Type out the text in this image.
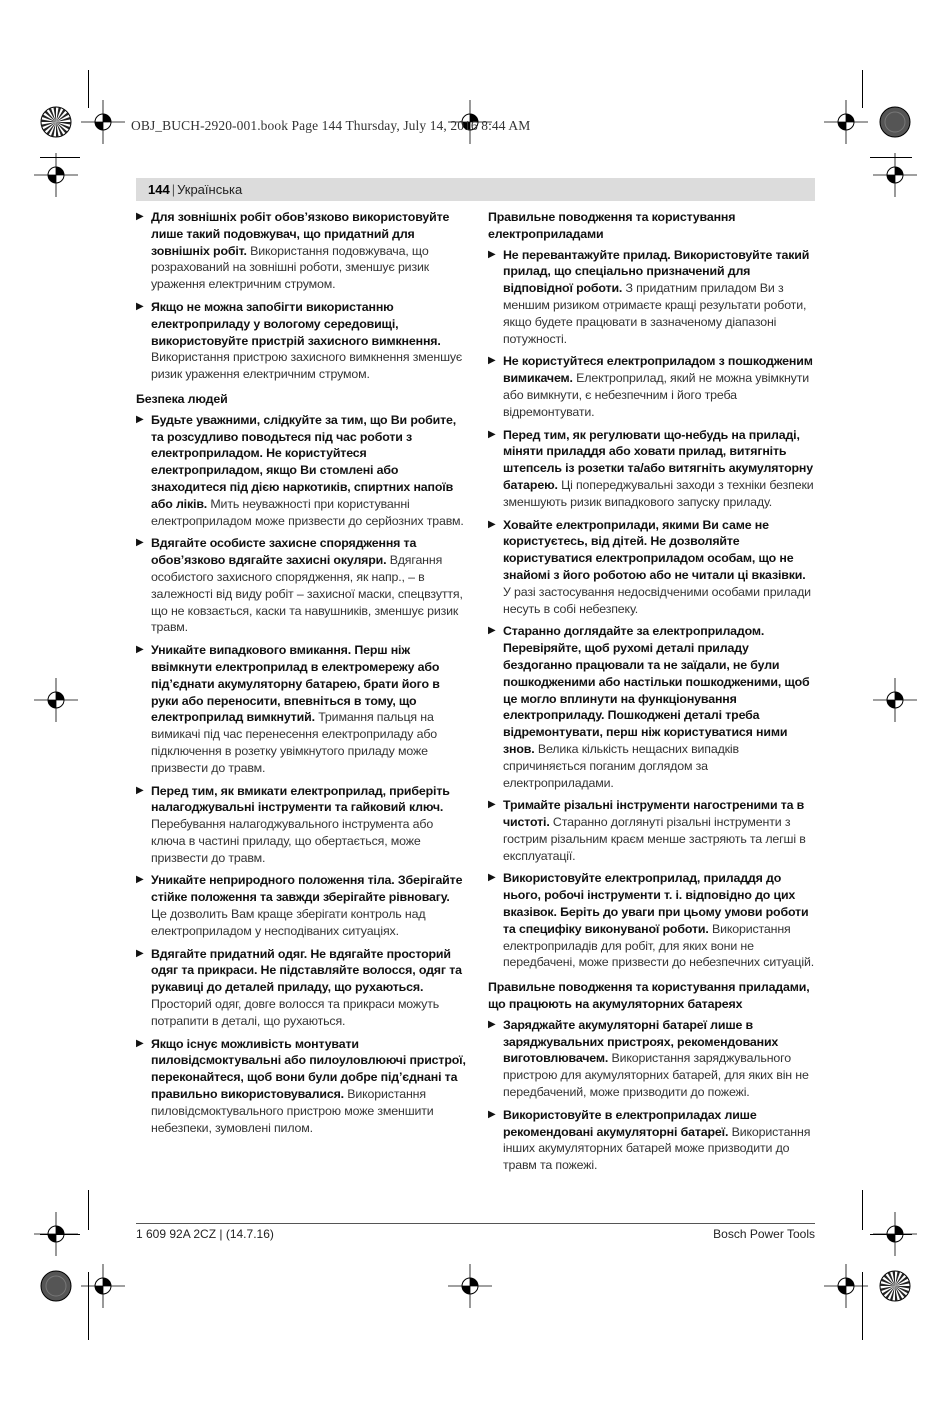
OBJ_BUCH-2920-001.book Page 144 Thursday, July 14, 2016 8:44 AM
144 | Українська
▶ Для зовнішніх робіт обов’язково використовуйте лише такий подовжувач, що придатний для зовнішніх робіт. Використання подовжувача, що розрахований на зовнішні роботи, зменшує ризик ураження електричним струмом.
▶ Якщо не можна запобігти використанню електроприладу у вологому середовищі, використовуйте пристрій захисного вимкнення. Використання пристрою захисного вимкнення зменшує ризик ураження електричним струмом.
Безпека людей
▶ Будьте уважними, слідкуйте за тим, що Ви робите, та розсудливо поводьтеся під час роботи з електроприладом. Не користуйтеся електроприладом, якщо Ви стомлені або знаходитеся під дією наркотиків, спиртних напоїв або ліків. Мить неуважності при користуванні електроприладом може призвести до серйозних травм.
▶ Вдягайте особисте захисне спорядження та обов’язково вдягайте захисні окуляри. Вдягання особистого захисного спорядження, як напр., – в залежності від виду робіт – захисної маски, спецвзуття, що не ковзається, каски та навушників, зменшує ризик травм.
▶ Уникайте випадкового вмикання. Перш ніж ввімкнути електроприлад в електромережу або під’єднати акумуляторну батарею, брати його в руки або переносити, впевніться в тому, що електроприлад вимкнутий. Тримання пальця на вимикачі під час перенесення електроприладу або підключення в розетку увімкнутого приладу може призвести до травм.
▶ Перед тим, як вмикати електроприлад, приберіть налагоджувальні інструменти та гайковий ключ. Перебування налагоджувального інструмента або ключа в частині приладу, що обертається, може призвести до травм.
▶ Уникайте неприродного положення тіла. Зберігайте стійке положення та завжди зберігайте рівновагу. Це дозволить Вам краще зберігати контроль над електроприладом у несподіваних ситуаціях.
▶ Вдягайте придатний одяг. Не вдягайте просторий одяг та прикраси. Не підставляйте волосся, одяг та рукавиці до деталей приладу, що рухаються. Просторий одяг, довге волосся та прикраси можуть потрапити в деталі, що рухаються.
▶ Якщо існує можливість монтувати пиловідсмоктувальні або пилоуловлюючі пристрої, переконайтеся, щоб вони були добре під’єднані та правильно використовувалися. Використання пиловідсмоктувального пристрою може зменшити небезпеки, зумовлені пилом.
Правильне поводження та користування електроприладами
▶ Не перевантажуйте прилад. Використовуйте такий прилад, що спеціально призначений для відповідної роботи. З придатним приладом Ви з меншим ризиком отримаєте кращі результати роботи, якщо будете працювати в зазначеному діапазоні потужності.
▶ Не користуйтеся електроприладом з пошкодженим вимикачем. Електроприлад, який не можна увімкнути або вимкнути, є небезпечним і його треба відремонтувати.
▶ Перед тим, як регулювати що-небудь на приладі, міняти приладдя або ховати прилад, витягніть штепсель із розетки та/або витягніть акумуляторну батарею. Ці попереджувальні заходи з техніки безпеки зменшують ризик випадкового запуску приладу.
▶ Ховайте електроприлади, якими Ви саме не користуєтесь, від дітей. Не дозволяйте користуватися електроприладом особам, що не знайомі з його роботою або не читали ці вказівки. У разі застосування недосвідченими особами прилади несуть в собі небезпеку.
▶ Старанно доглядайте за електроприладом. Перевіряйте, щоб рухомі деталі приладу бездоганно працювали та не заїдали, не були пошкодженими або настільки пошкодженими, щоб це могло вплинути на функціонування електроприладу. Пошкоджені деталі треба відремонтувати, перш ніж користуватися ними знов. Велика кількість нещасних випадків спричиняється поганим доглядом за електроприладами.
▶ Тримайте різальні інструменти нагостреними та в чистоті. Старанно доглянуті різальні інструменти з гострим різальним краєм менше застряють та легші в експлуатації.
▶ Використовуйте електроприлад, приладдя до нього, робочі інструменти т. і. відповідно до цих вказівок. Беріть до уваги при цьому умови роботи та специфіку виконуваної роботи. Використання електроприладів для робіт, для яких вони не передбачені, може призвести до небезпечних ситуацій.
Правильне поводження та користування приладами, що працюють на акумуляторних батареях
▶ Заряджайте акумуляторні батареї лише в заряджувальних пристроях, рекомендованих виготовлювачем. Використання заряджувального пристрою для акумуляторних батарей, для яких він не передбачений, може призводити до пожежі.
▶ Використовуйте в електроприладах лише рекомендовані акумуляторні батареї. Використання інших акумуляторних батарей може призводити до травм та пожежі.
1 609 92A 2CZ | (14.7.16)	Bosch Power Tools
